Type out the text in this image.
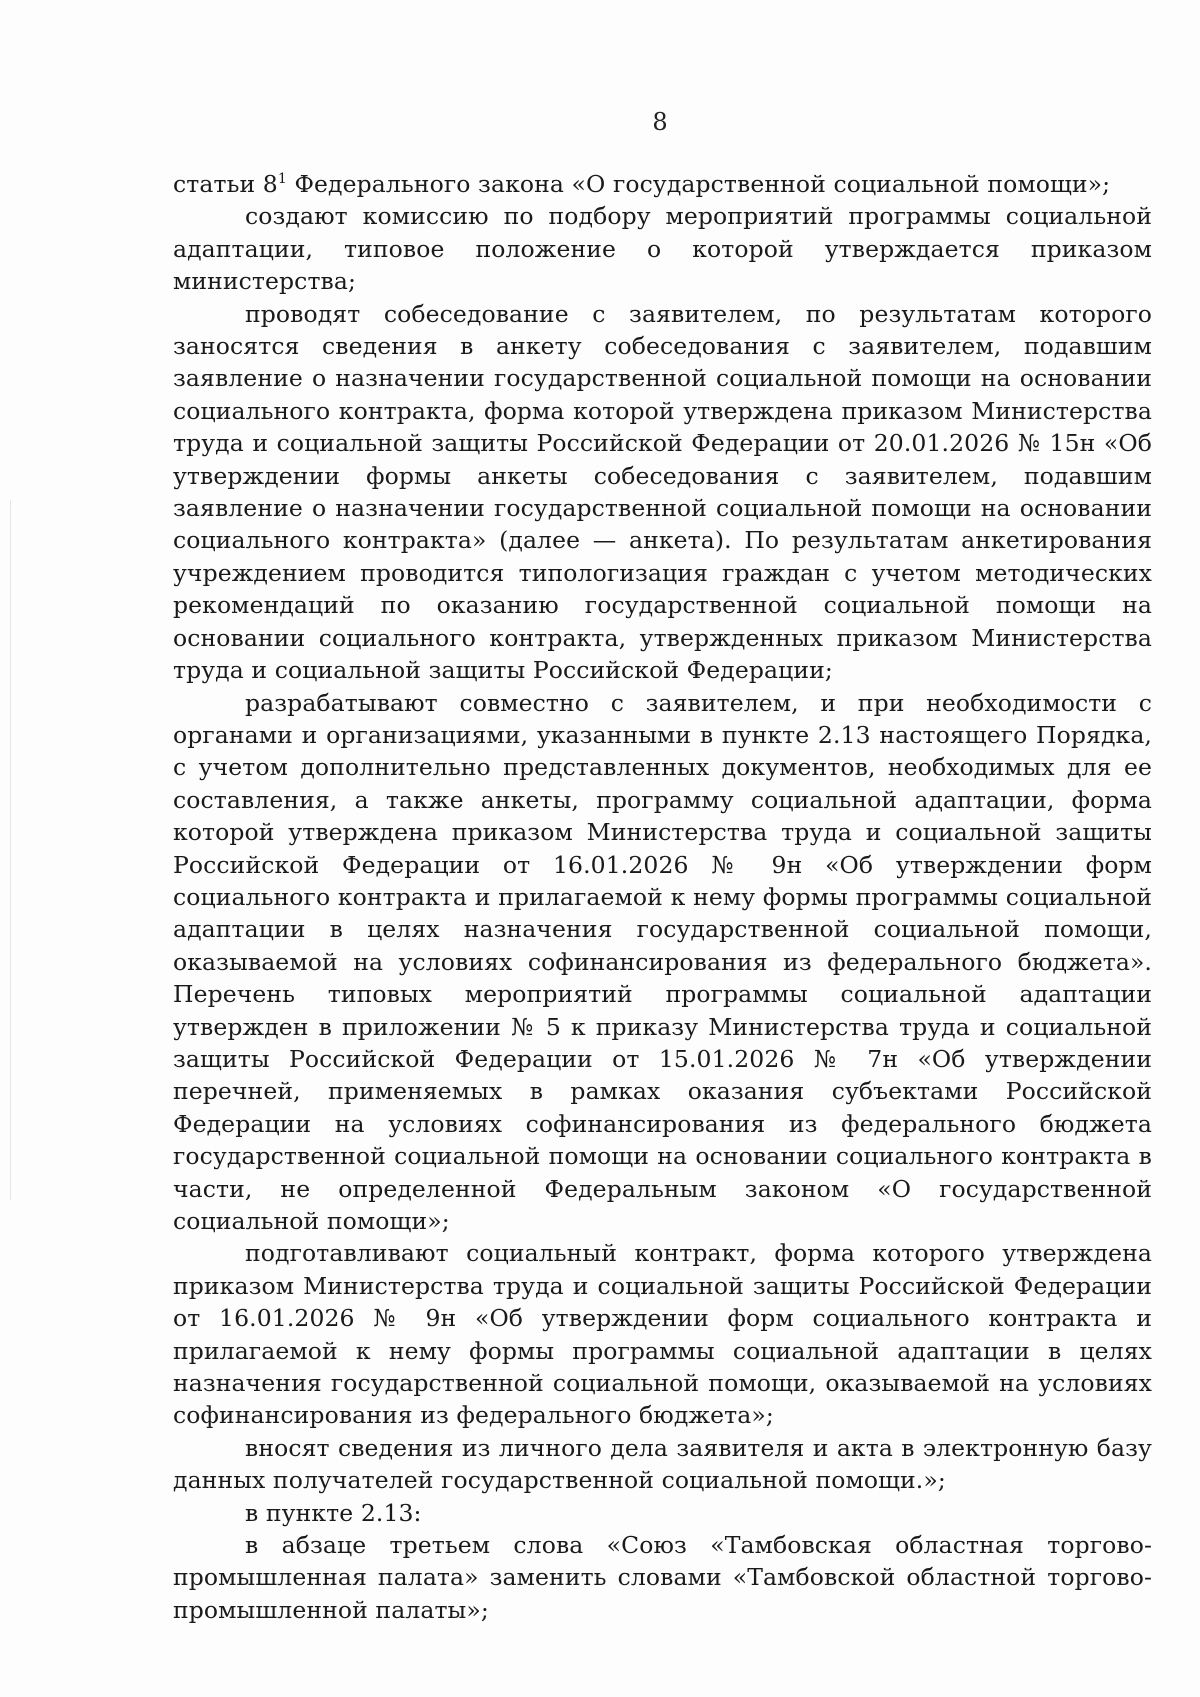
8

статьи $8^1$ Федерального закона «О государственной социальной помощи»;

создают комиссию по подбору мероприятий программы социальной адаптации, типовое положение о которой утверждается приказом министерства;

проводят собеседование с заявителем, по результатам которого заносятся сведения в анкету собеседования с заявителем, подавшим заявление о назначении государственной социальной помощи на основании социального контракта, форма которой утверждена приказом Министерства труда и социальной защиты Российской Федерации от 20.01.2026 № 15н «Об утверждении формы анкеты собеседования с заявителем, подавшим заявление о назначении государственной социальной помощи на основании социального контракта» (далее — анкета). По результатам анкетирования учреждением проводится типологизация граждан с учетом методических рекомендаций по оказанию государственной социальной помощи на основании социального контракта, утвержденных приказом Министерства труда и социальной защиты Российской Федерации;

разрабатывают совместно с заявителем, и при необходимости с органами и организациями, указанными в пункте 2.13 настоящего Порядка, с учетом дополнительно представленных документов, необходимых для ее составления, а также анкеты, программу социальной адаптации, форма которой утверждена приказом Министерства труда и социальной защиты Российской Федерации от 16.01.2026 № 9н «Об утверждении форм социального контракта и прилагаемой к нему формы программы социальной адаптации в целях назначения государственной социальной помощи, оказываемой на условиях софинансирования из федерального бюджета». Перечень типовых мероприятий программы социальной адаптации утвержден в приложении № 5 к приказу Министерства труда и социальной защиты Российской Федерации от 15.01.2026 № 7н «Об утверждении перечней, применяемых в рамках оказания субъектами Российской Федерации на условиях софинансирования из федерального бюджета государственной социальной помощи на основании социального контракта в части, не определенной Федеральным законом «О государственной социальной помощи»;

подготавливают социальный контракт, форма которого утверждена приказом Министерства труда и социальной защиты Российской Федерации от 16.01.2026 № 9н «Об утверждении форм социального контракта и прилагаемой к нему формы программы социальной адаптации в целях назначения государственной социальной помощи, оказываемой на условиях софинансирования из федерального бюджета»;

вносят сведения из личного дела заявителя и акта в электронную базу данных получателей государственной социальной помощи.»;

в пункте 2.13:

в абзаце третьем слова «Союз «Тамбовская областная торгово-промышленная палата» заменить словами «Тамбовской областной торгово-промышленной палаты»;
